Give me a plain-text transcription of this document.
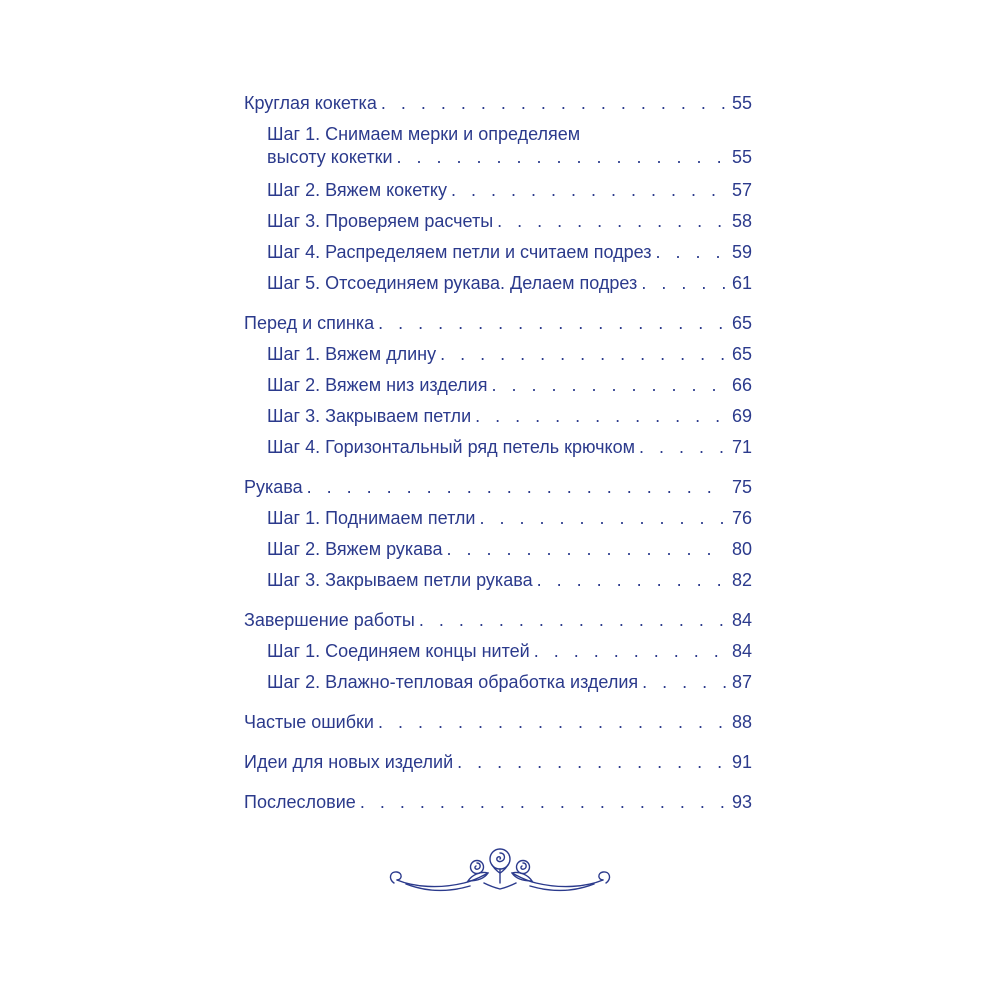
Круглая кокетка . . .	55
Шаг 1. Снимаем мерки и определяем
высоту кокетки . . .	55
Шаг 2. Вяжем кокетку . . .	57
Шаг 3. Проверяем расчеты . . .	58
Шаг 4. Распределяем петли и считаем подрез . . .	59
Шаг 5. Отсоединяем рукава. Делаем подрез . . .	61
Перед и спинка . . .	65
Шаг 1. Вяжем длину . . .	65
Шаг 2. Вяжем низ изделия . . .	66
Шаг 3. Закрываем петли . . .	69
Шаг 4. Горизонтальный ряд петель крючком . . .	71
Рукава . . .	75
Шаг 1. Поднимаем петли . . .	76
Шаг 2. Вяжем рукава . . .	80
Шаг 3. Закрываем петли рукава . . .	82
Завершение работы . . .	84
Шаг 1. Соединяем концы нитей . . .	84
Шаг 2. Влажно-тепловая обработка изделия . . .	87
Частые ошибки . . .	88
Идеи для новых изделий . . .	91
Послесловие . . .	93
